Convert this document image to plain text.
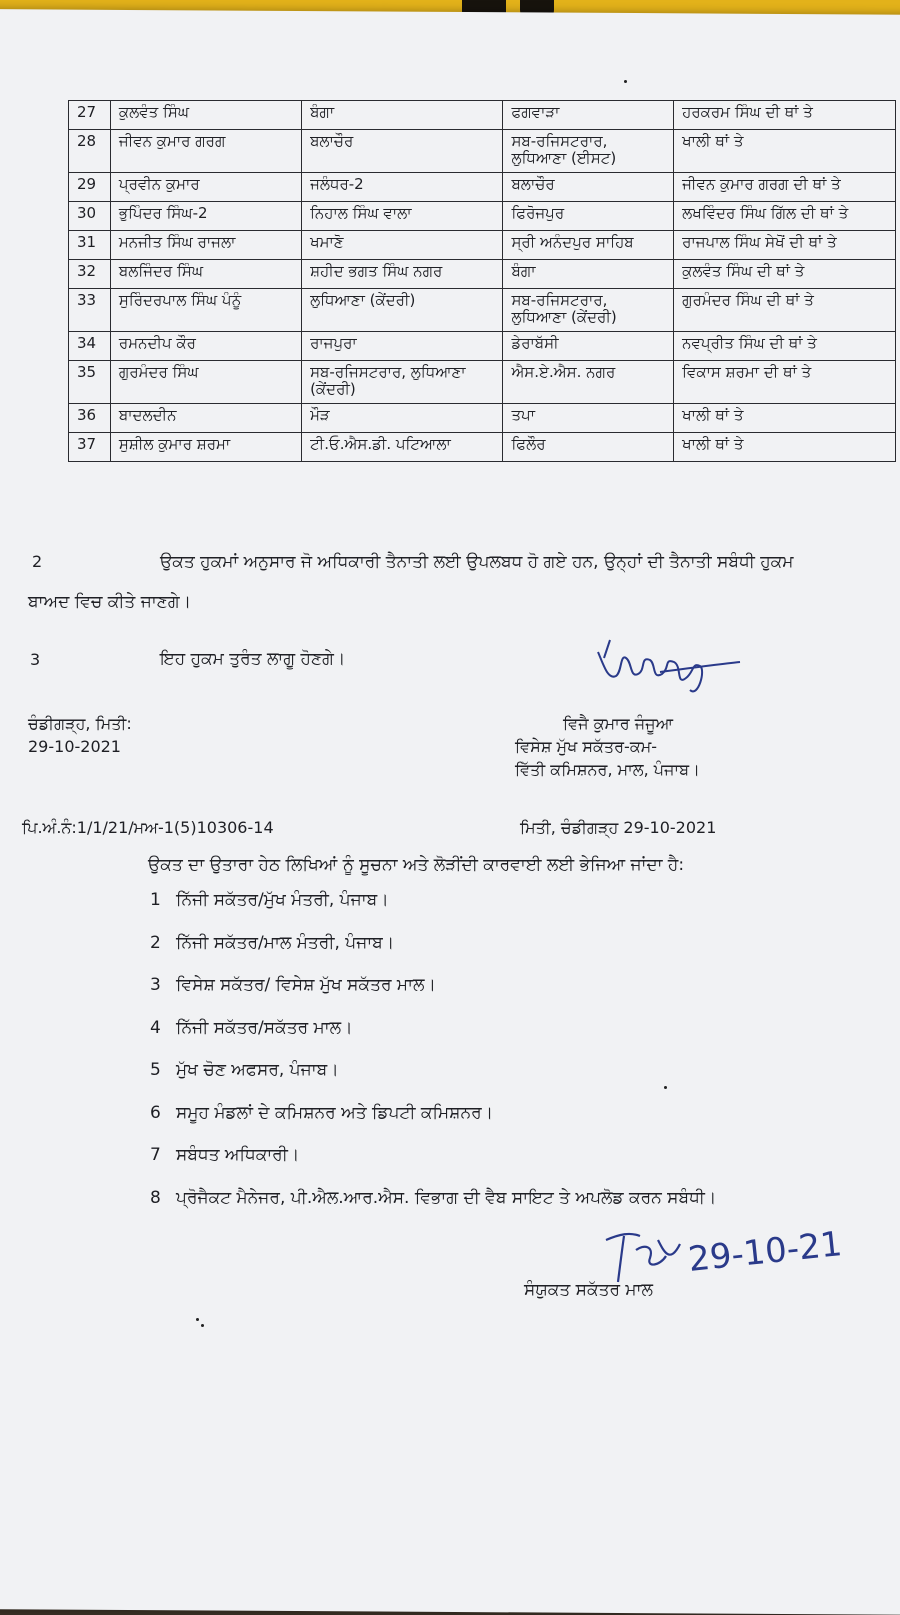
27	ਕੁਲਵੰਤ ਸਿੰਘ	ਬੰਗਾ	ਫਗਵਾੜਾ	ਹਰਕਰਮ ਸਿੰਘ ਦੀ ਥਾਂ ਤੇ
28	ਜੀਵਨ ਕੁਮਾਰ ਗਰਗ	ਬਲਾਚੌਰ	ਸਬ-ਰਜਿਸਟਰਾਰ, ਲੁਧਿਆਣਾ (ਈਸਟ)	ਖਾਲੀ ਥਾਂ ਤੇ
29	ਪ੍ਰਵੀਨ ਕੁਮਾਰ	ਜਲੰਧਰ-2	ਬਲਾਚੌਰ	ਜੀਵਨ ਕੁਮਾਰ ਗਰਗ ਦੀ ਥਾਂ ਤੇ
30	ਭੁਪਿੰਦਰ ਸਿੰਘ-2	ਨਿਹਾਲ ਸਿੰਘ ਵਾਲਾ	ਫਿਰੋਜਪੁਰ	ਲਖਵਿੰਦਰ ਸਿੰਘ ਗਿੱਲ ਦੀ ਥਾਂ ਤੇ
31	ਮਨਜੀਤ ਸਿੰਘ ਰਾਜਲਾ	ਖਮਾਣੋ	ਸ੍ਰੀ ਅਨੰਦਪੁਰ ਸਾਹਿਬ	ਰਾਜਪਾਲ ਸਿੰਘ ਸੇਖੋਂ ਦੀ ਥਾਂ ਤੇ
32	ਬਲਜਿੰਦਰ ਸਿੰਘ	ਸ਼ਹੀਦ ਭਗਤ ਸਿੰਘ ਨਗਰ	ਬੰਗਾ	ਕੁਲਵੰਤ ਸਿੰਘ ਦੀ ਥਾਂ ਤੇ
33	ਸੁਰਿੰਦਰਪਾਲ ਸਿੰਘ ਪੰਨੂੰ	ਲੁਧਿਆਣਾ (ਕੇਂਦਰੀ)	ਸਬ-ਰਜਿਸਟਰਾਰ, ਲੁਧਿਆਣਾ (ਕੇਂਦਰੀ)	ਗੁਰਮੰਦਰ ਸਿੰਘ ਦੀ ਥਾਂ ਤੇ
34	ਰਮਨਦੀਪ ਕੌਰ	ਰਾਜਪੁਰਾ	ਡੇਰਾਬੱਸੀ	ਨਵਪ੍ਰੀਤ ਸਿੰਘ ਦੀ ਥਾਂ ਤੇ
35	ਗੁਰਮੰਦਰ ਸਿੰਘ	ਸਬ-ਰਜਿਸਟਰਾਰ, ਲੁਧਿਆਣਾ (ਕੇਂਦਰੀ)	ਐਸ.ਏ.ਐਸ. ਨਗਰ	ਵਿਕਾਸ ਸ਼ਰਮਾ ਦੀ ਥਾਂ ਤੇ
36	ਬਾਦਲਦੀਨ	ਮੌੜ	ਤਪਾ	ਖਾਲੀ ਥਾਂ ਤੇ
37	ਸੁਸ਼ੀਲ ਕੁਮਾਰ ਸ਼ਰਮਾ	ਟੀ.ਓ.ਐਸ.ਡੀ. ਪਟਿਆਲਾ	ਫਿਲੌਰ	ਖਾਲੀ ਥਾਂ ਤੇ
2	ਉਕਤ ਹੁਕਮਾਂ ਅਨੁਸਾਰ ਜੋ ਅਧਿਕਾਰੀ ਤੈਨਾਤੀ ਲਈ ਉਪਲਬਧ ਹੋ ਗਏ ਹਨ, ਉਨ੍ਹਾਂ ਦੀ ਤੈਨਾਤੀ ਸਬੰਧੀ ਹੁਕਮ
ਬਾਅਦ ਵਿਚ ਕੀਤੇ ਜਾਣਗੇ।
3	ਇਹ ਹੁਕਮ ਤੁਰੰਤ ਲਾਗੂ ਹੋਣਗੇ।
ਚੰਡੀਗੜ੍ਹ, ਮਿਤੀ:
29-10-2021
ਵਿਜੈ ਕੁਮਾਰ ਜੰਜੂਆ
ਵਿਸੇਸ਼ ਮੁੱਖ ਸਕੱਤਰ-ਕਮ-
ਵਿੱਤੀ ਕਮਿਸ਼ਨਰ, ਮਾਲ, ਪੰਜਾਬ।
ਪਿ.ਅੰ.ਨੰ:1/1/21/ਮਅ-1(5)10306-14	ਮਿਤੀ, ਚੰਡੀਗੜ੍ਹ 29-10-2021
ਉਕਤ ਦਾ ਉਤਾਰਾ ਹੇਠ ਲਿਖਿਆਂ ਨੂੰ ਸੂਚਨਾ ਅਤੇ ਲੋੜੀਂਦੀ ਕਾਰਵਾਈ ਲਈ ਭੇਜਿਆ ਜਾਂਦਾ ਹੈ:
1 ਨਿੱਜੀ ਸਕੱਤਰ/ਮੁੱਖ ਮੰਤਰੀ, ਪੰਜਾਬ।
2 ਨਿੱਜੀ ਸਕੱਤਰ/ਮਾਲ ਮੰਤਰੀ, ਪੰਜਾਬ।
3 ਵਿਸੇਸ਼ ਸਕੱਤਰ/ ਵਿਸੇਸ਼ ਮੁੱਖ ਸਕੱਤਰ ਮਾਲ।
4 ਨਿੱਜੀ ਸਕੱਤਰ/ਸਕੱਤਰ ਮਾਲ।
5 ਮੁੱਖ ਚੋਣ ਅਫਸਰ, ਪੰਜਾਬ।
6 ਸਮੂਹ ਮੰਡਲਾਂ ਦੇ ਕਮਿਸ਼ਨਰ ਅਤੇ ਡਿਪਟੀ ਕਮਿਸ਼ਨਰ।
7 ਸਬੰਧਤ ਅਧਿਕਾਰੀ।
8 ਪ੍ਰੋਜੈਕਟ ਮੈਨੇਜਰ, ਪੀ.ਐਲ.ਆਰ.ਐਸ. ਵਿਭਾਗ ਦੀ ਵੈਬ ਸਾਇਟ ਤੇ ਅਪਲੋਡ ਕਰਨ ਸਬੰਧੀ।
29-10-21
ਸੰਯੁਕਤ ਸਕੱਤਰ ਮਾਲ
